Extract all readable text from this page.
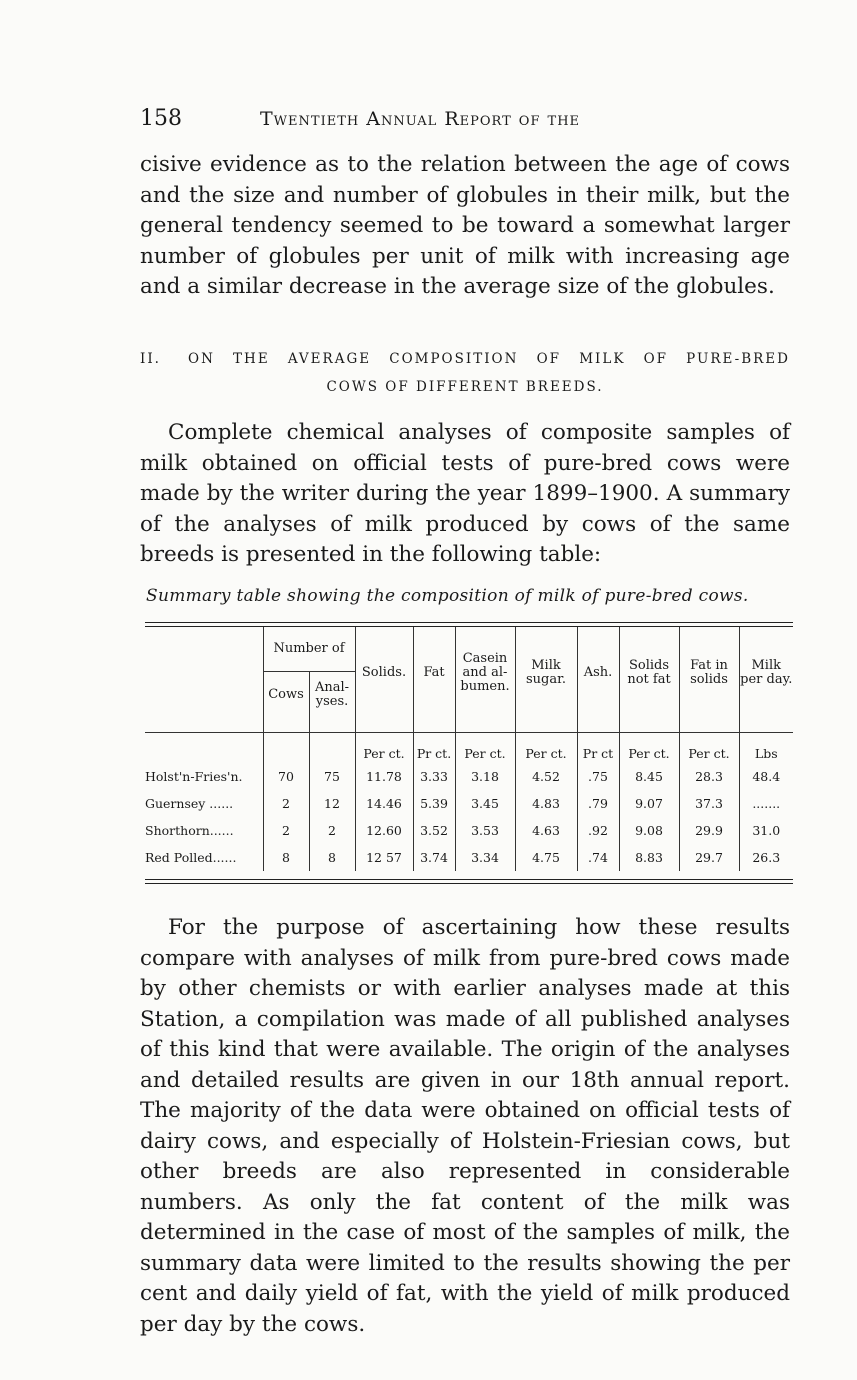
158	Twentieth Annual Report of the

cisive evidence as to the relation between the age of cows and the size and number of globules in their milk, but the general tendency seemed to be toward a somewhat larger number of globules per unit of milk with increasing age and a similar decrease in the average size of the globules.

II.	ON THE AVERAGE COMPOSITION OF MILK OF PURE-BRED
COWS OF DIFFERENT BREEDS.

Complete chemical analyses of composite samples of milk obtained on official tests of pure-bred cows were made by the writer during the year 1899–1900. A summary of the analyses of milk produced by cows of the same breeds is presented in the following table:

Summary table showing the composition of milk of pure-bred cows.
	Number of		Solids.	Fat	Casein and al-bumen.	Milk sugar.	Ash.	Solids not fat	Fat in solids	Milk per day.
	Cows	Anal-yses.								

			Per ct.	Pr ct.	Per ct.	Per ct.	Pr ct	Per ct.	Per ct.	Lbs
Holst'n-Fries'n.	70	75	11.78	3.33	3.18	4.52	.75	8.45	28.3	48.4
Guernsey ......	2	12	14.46	5.39	3.45	4.83	.79	9.07	37.3	.......
Shorthorn......	2	2	12.60	3.52	3.53	4.63	.92	9.08	29.9	31.0
Red Polled......	8	8	12 57	3.74	3.34	4.75	.74	8.83	29.7	26.3

For the purpose of ascertaining how these results compare with analyses of milk from pure-bred cows made by other chemists or with earlier analyses made at this Station, a compilation was made of all published analyses of this kind that were available. The origin of the analyses and detailed results are given in our 18th annual report. The majority of the data were obtained on official tests of dairy cows, and especially of Holstein-Friesian cows, but other breeds are also represented in considerable numbers. As only the fat content of the milk was determined in the case of most of the samples of milk, the summary data were limited to the results showing the per cent and daily yield of fat, with the yield of milk produced per day by the cows.
